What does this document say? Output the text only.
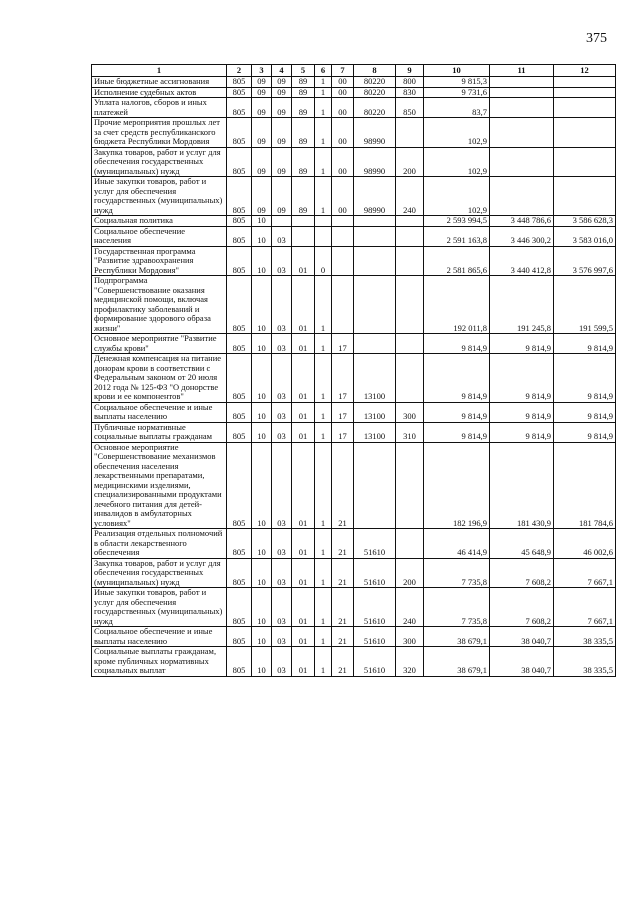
375
1	2	3	4	5	6	7	8	9	10	11	12
Иные бюджетные ассигнования	805	09	09	89	1	00	80220	800	9 815,3		
Исполнение судебных актов	805	09	09	89	1	00	80220	830	9 731,6		
Уплата налогов, сборов и иных платежей	805	09	09	89	1	00	80220	850	83,7		
Прочие мероприятия прошлых лет за счет средств республиканского бюджета Республики Мордовия	805	09	09	89	1	00	98990		102,9		
Закупка товаров, работ и услуг для обеспечения государственных (муниципальных) нужд	805	09	09	89	1	00	98990	200	102,9		
Иные закупки товаров, работ и услуг для обеспечения государственных (муниципальных) нужд	805	09	09	89	1	00	98990	240	102,9		
Социальная политика	805	10							2 593 994,5	3 448 786,6	3 586 628,3
Социальное обеспечение населения	805	10	03						2 591 163,8	3 446 300,2	3 583 016,0
Государственная программа "Развитие здравоохранения Республики Мордовия"	805	10	03	01	0				2 581 865,6	3 440 412,8	3 576 997,6
Подпрограмма "Совершенствование оказания медицинской помощи, включая профилактику заболеваний и формирование здорового образа жизни"	805	10	03	01	1				192 011,8	191 245,8	191 599,5
Основное мероприятие "Развитие службы крови"	805	10	03	01	1	17			9 814,9	9 814,9	9 814,9
Денежная компенсация на питание донорам крови в соответствии с Федеральным законом от 20 июля 2012 года № 125-ФЗ "О донорстве крови и ее компонентов"	805	10	03	01	1	17	13100		9 814,9	9 814,9	9 814,9
Социальное обеспечение и иные выплаты населению	805	10	03	01	1	17	13100	300	9 814,9	9 814,9	9 814,9
Публичные нормативные социальные выплаты гражданам	805	10	03	01	1	17	13100	310	9 814,9	9 814,9	9 814,9
Основное мероприятие "Совершенствование механизмов обеспечения населения лекарственными препаратами, медицинскими изделиями, специализированными продуктами лечебного питания для детей-инвалидов в амбулаторных условиях"	805	10	03	01	1	21			182 196,9	181 430,9	181 784,6
Реализация отдельных полномочий в области лекарственного обеспечения	805	10	03	01	1	21	51610		46 414,9	45 648,9	46 002,6
Закупка товаров, работ и услуг для обеспечения государственных (муниципальных) нужд	805	10	03	01	1	21	51610	200	7 735,8	7 608,2	7 667,1
Иные закупки товаров, работ и услуг для обеспечения государственных (муниципальных) нужд	805	10	03	01	1	21	51610	240	7 735,8	7 608,2	7 667,1
Социальное обеспечение и иные выплаты населению	805	10	03	01	1	21	51610	300	38 679,1	38 040,7	38 335,5
Социальные выплаты гражданам, кроме публичных нормативных социальных выплат	805	10	03	01	1	21	51610	320	38 679,1	38 040,7	38 335,5
